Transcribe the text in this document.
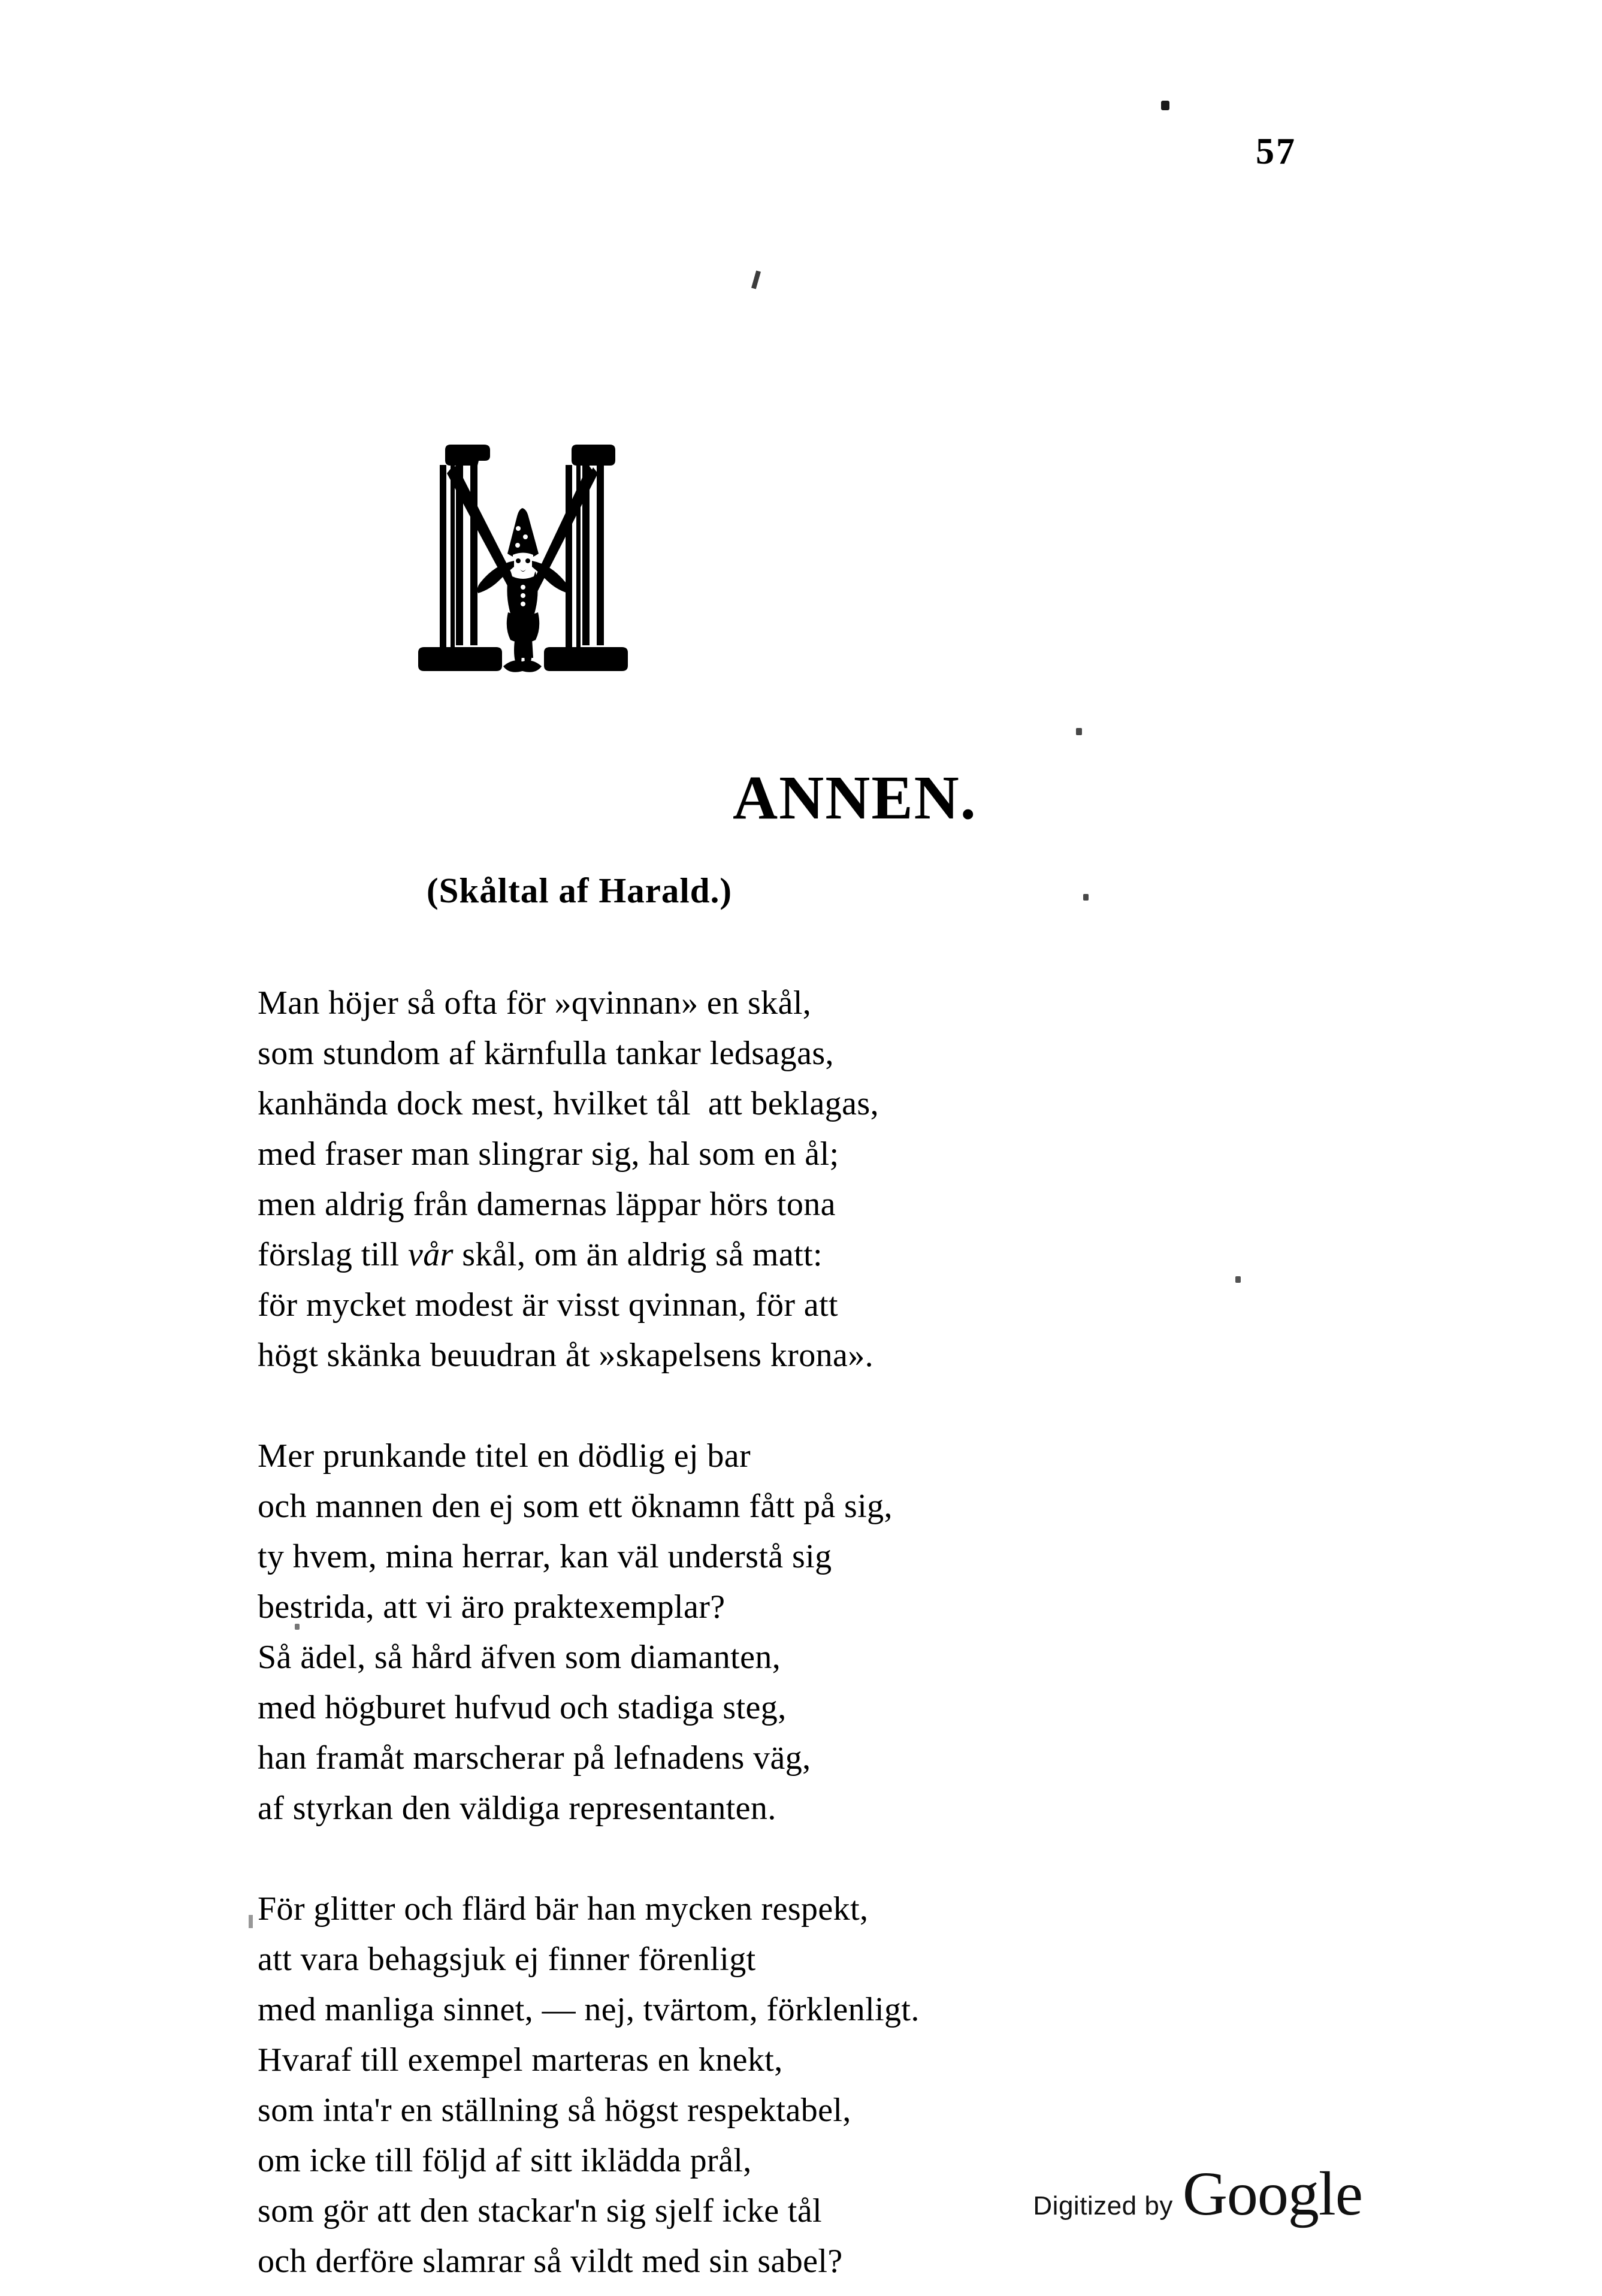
57
ANNEN.
(Skåltal af Harald.)
Man höjer så ofta för »qvinnan» en skål,
som stundom af kärnfulla tankar ledsagas,
kanhända dock mest, hvilket tål  att beklagas,
med fraser man slingrar sig, hal som en ål;
men aldrig från damernas läppar hörs tona
förslag till vår skål, om än aldrig så matt:
för mycket modest är visst qvinnan, för att
högt skänka beuudran åt »skapelsens krona».
Mer prunkande titel en dödlig ej bar
och mannen den ej som ett öknamn fått på sig,
ty hvem, mina herrar, kan väl understå sig
bestrida, att vi äro praktexemplar?
Så ädel, så hård äfven som diamanten,
med högburet hufvud och stadiga steg,
han framåt marscherar på lefnadens väg,
af styrkan den väldiga representanten.
För glitter och flärd bär han mycken respekt,
att vara behagsjuk ej finner förenligt
med manliga sinnet, — nej, tvärtom, förklenligt.
Hvaraf till exempel marteras en knekt,
som inta'r en ställning så högst respektabel,
om icke till följd af sitt iklädda prål,
som gör att den stackar'n sig sjelf icke tål
och derföre slamrar så vildt med sin sabel?
Digitized by Google
